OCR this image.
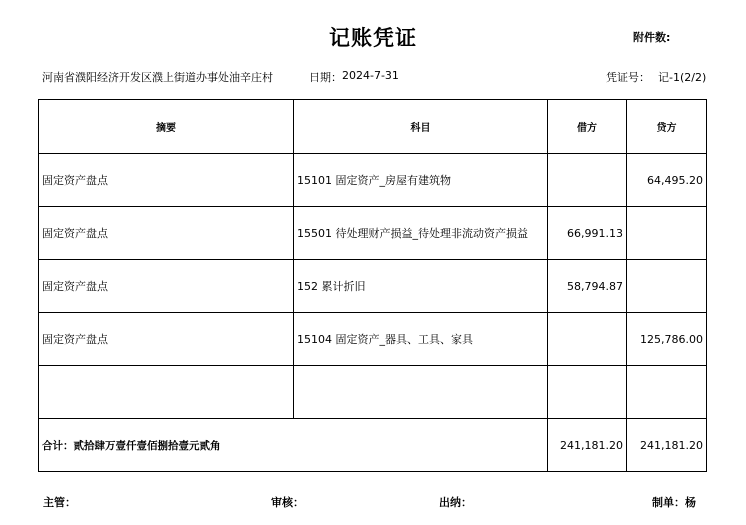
记账凭证	附件数:
河南省濮阳经济开发区濮上街道办事处油辛庄村	日期： 2024-7-31	凭证号： 记-1(2/2)
摘要	科目	借方	贷方
固定资产盘点	15101 固定资产_房屋有建筑物		64,495.20
固定资产盘点	15501 待处理财产损益_待处理非流动资产损益	66,991.13	
固定资产盘点	152 累计折旧	58,794.87	
固定资产盘点	15104 固定资产_器具、工具、家具		125,786.00

合计：贰拾肆万壹仟壹佰捌拾壹元贰角		241,181.20	241,181.20
主管：	审核：	出纳：	制单：杨
